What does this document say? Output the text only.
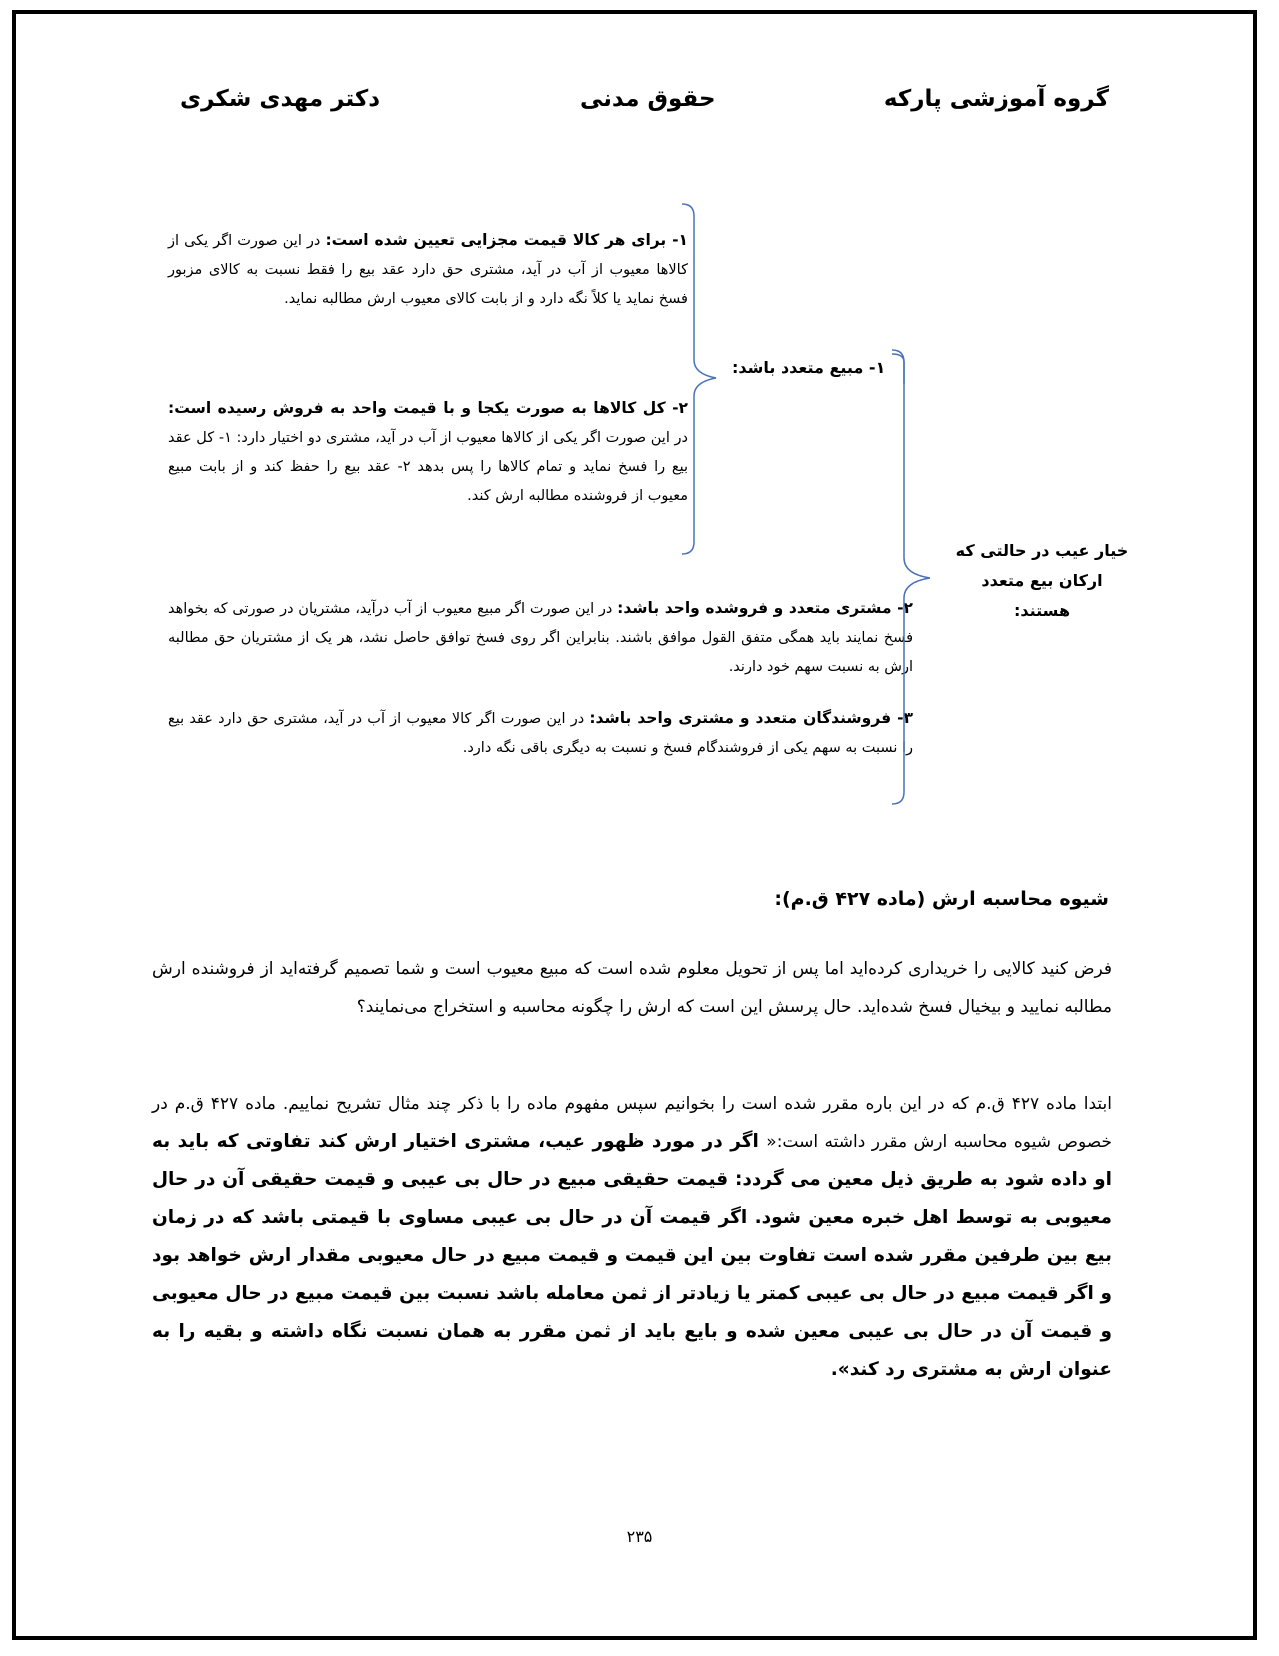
گروه آموزشی پارکه
حقوق مدنی
دکتر مهدی شکری
۱- برای هر کالا قیمت مجزایی تعیین شده است: در این صورت اگر یکی از کالاها معیوب از آب در آید، مشتری حق دارد عقد بیع را فقط نسبت به کالای مزبور فسخ نماید یا کلاً نگه دارد و از بابت کالای معیوب ارش مطالبه نماید.
۲- کل کالاها به صورت یکجا و با قیمت واحد به فروش رسیده است: در این صورت اگر یکی از کالاها معیوب از آب در آید، مشتری دو اختیار دارد: ۱- کل عقد بیع را فسخ نماید و تمام کالاها را پس بدهد ۲- عقد بیع را حفظ کند و از بابت مبیع معیوب از فروشنده مطالبه ارش کند.
۲- مشتری متعدد و فروشده واحد باشد: در این صورت اگر مبیع معیوب از آب درآید، مشتریان در صورتی که بخواهد فسخ نمایند باید همگی متفق القول موافق باشند. بنابراین اگر روی فسخ توافق حاصل نشد، هر یک از مشتریان حق مطالبه ارش به نسبت سهم خود دارند.
۳- فروشندگان متعدد و مشتری واحد باشد: در این صورت اگر کالا معیوب از آب در آید، مشتری حق دارد عقد بیع را نسبت به سهم یکی از فروشندگام فسخ و نسبت به دیگری باقی نگه دارد.
۱- مبیع متعدد باشد:
خیار عیب در حالتی که ارکان بیع متعدد هستند:
شیوه محاسبه ارش (ماده ۴۲۷ ق.م):
فرض کنید کالایی را خریداری کرده‌اید اما پس از تحویل معلوم شده است که مبیع معیوب است و شما تصمیم گرفته‌اید از فروشنده ارش مطالبه نمایید و بیخیال فسخ شده‌اید. حال پرسش این است که ارش را چگونه محاسبه و استخراج می‌نمایند؟
ابتدا ماده ۴۲۷ ق.م که در این باره مقرر شده است را بخوانیم سپس مفهوم ماده را با ذکر چند مثال تشریح نماییم. ماده ۴۲۷ ق.م در خصوص شیوه محاسبه ارش مقرر داشته است:« اگر در مورد ظهور عیب، مشتری اختیار ارش کند تفاوتی که باید به او داده شود به طریق ذیل معین می گردد: قیمت حقیقی مبیع در حال بی عیبی و قیمت حقیقی آن در حال معیوبی به توسط اهل خبره معین شود. اگر قیمت آن در حال بی عیبی مساوی با قیمتی باشد که در زمان بیع بین طرفین مقرر شده است تفاوت بین این قیمت و قیمت مبیع در حال معیوبی مقدار ارش خواهد بود و اگر قیمت مبیع در حال بی عیبی کمتر یا زیادتر از ثمن معامله باشد نسبت بین قیمت مبیع در حال معیوبی و قیمت آن در حال بی عیبی معین شده و بایع باید از ثمن مقرر به همان نسبت نگاه داشته و بقیه را به عنوان ارش به مشتری رد کند».
۲۳۵
